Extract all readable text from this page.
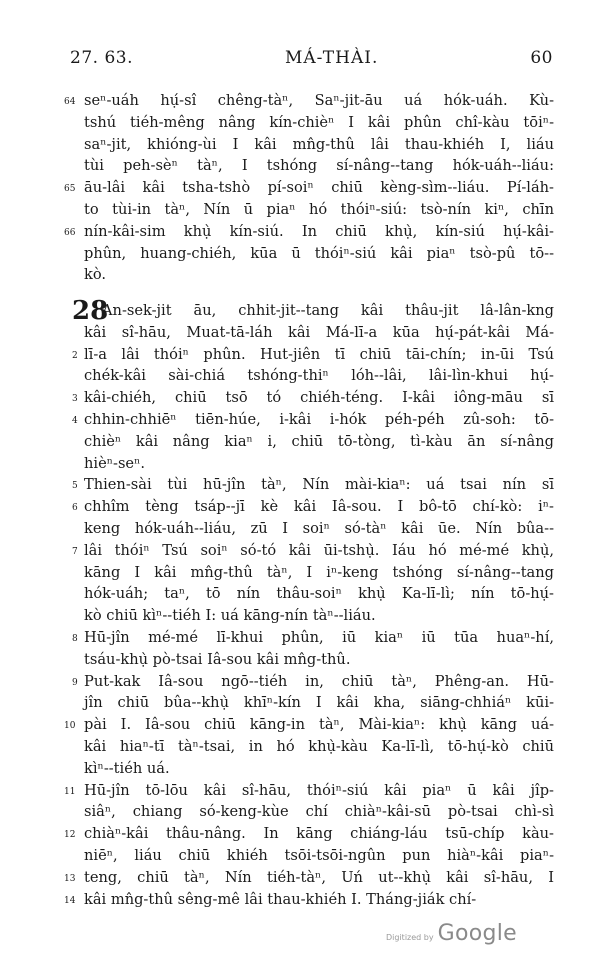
27. 63.	MÁ-THÀI.	60
64 seⁿ-uáh hụ́-sî chêng-tàⁿ, Saⁿ-jit-āu uá hók-uáh. Kù-
tshú tiéh-mêng nâng kín-chièⁿ I kâi phûn chî-kàu tōiⁿ-
saⁿ-jit, khióng-ùi I kâi mn̂g-thû lâi thau-khiéh I, liáu
tùi peh-sèⁿ tàⁿ, I tshóng sí-nâng--tang hók-uáh--liáu:
65 āu-lâi kâi tsha-tshò pí-soiⁿ chiū kèng-sìm--liáu. Pí-láh-
to tùi-in tàⁿ, Nín ū piaⁿ hó thóiⁿ-siú: tsò-nín kiⁿ, chīn
66 nín-kâi-sim khụ̀ kín-siú. In chiū khụ̀, kín-siú hụ́-kâi-
phûn, huang-chiéh, kūa ū thóiⁿ-siú kâi piaⁿ tsò-pû tō--
kò.
28
An-sek-jit āu, chhit-jit--tang kâi thâu-jit lâ-lân-kng
kâi sî-hāu, Muat-tā-láh kâi Má-lī-a kūa hụ́-pát-kâi Má-
2 lī-a lâi thóiⁿ phûn. Hut-jiên tī chiū tāi-chín; in-ūi Tsú
chék-kâi sài-chiá tshóng-thiⁿ lóh--lâi, lâi-lìn-khui hụ́-
3 kâi-chiéh, chiū tsō tó chiéh-téng. I-kâi iông-māu sī
4 chhin-chhiēⁿ tiēn-húe, i-kâi i-hók péh-péh zû-soh: tō-
chièⁿ kâi nâng kiaⁿ i, chiū tō-tòng, tì-kàu ān sí-nâng
hièⁿ-seⁿ.
5 Thien-sài tùi hū-jîn tàⁿ, Nín mài-kiaⁿ: uá tsai nín sī
6 chhîm tèng tsáp--jī kè kâi Iâ-sou. I bô-tō chí-kò: iⁿ-
keng hók-uáh--liáu, zū I soiⁿ só-tàⁿ kâi ūe. Nín bûa--
7 lâi thóiⁿ Tsú soiⁿ só-tó kâi ūi-tshụ̀. Iáu hó mé-mé khụ̀,
kāng I kâi mn̂g-thû tàⁿ, I iⁿ-keng tshóng sí-nâng--tang
hók-uáh; taⁿ, tō nín thâu-soiⁿ khụ̀ Ka-lī-lì; nín tō-hụ́-
kò chiū kìⁿ--tiéh I: uá kāng-nín tàⁿ--liáu.
8 Hū-jîn mé-mé lī-khui phûn, iū kiaⁿ iū tūa huaⁿ-hí,
tsáu-khụ̀ pò-tsai Iâ-sou kâi mn̂g-thû.
9 Put-kak Iâ-sou ngō--tiéh in, chiū tàⁿ, Phêng-an. Hū-
jîn chiū bûa--khụ̀ khīⁿ-kín I kâi kha, siāng-chhiáⁿ kūi-
10 pài I. Iâ-sou chiū kāng-in tàⁿ, Mài-kiaⁿ: khụ̀ kāng uá-
kâi hiaⁿ-tī tàⁿ-tsai, in hó khụ̀-kàu Ka-lī-lì, tō-hụ́-kò chiū
kìⁿ--tiéh uá.
11 Hū-jîn tō-lōu kâi sî-hāu, thóiⁿ-siú kâi piaⁿ ū kâi jîp-
siâⁿ, chiang só-keng-kùe chí chiàⁿ-kâi-sū pò-tsai chì-sì
12 chiàⁿ-kâi thâu-nâng. In kāng chiáng-láu tsū-chíp kàu-
niēⁿ, liáu chiū khiéh tsōi-tsōi-ngûn pun hiàⁿ-kâi piaⁿ-
13 teng, chiū tàⁿ, Nín tiéh-tàⁿ, Uń ut--khụ̀ kâi sî-hāu, I
14 kâi mn̂g-thû sêng-mê lâi thau-khiéh I. Tháng-jiák chí-
Digitized by Google
